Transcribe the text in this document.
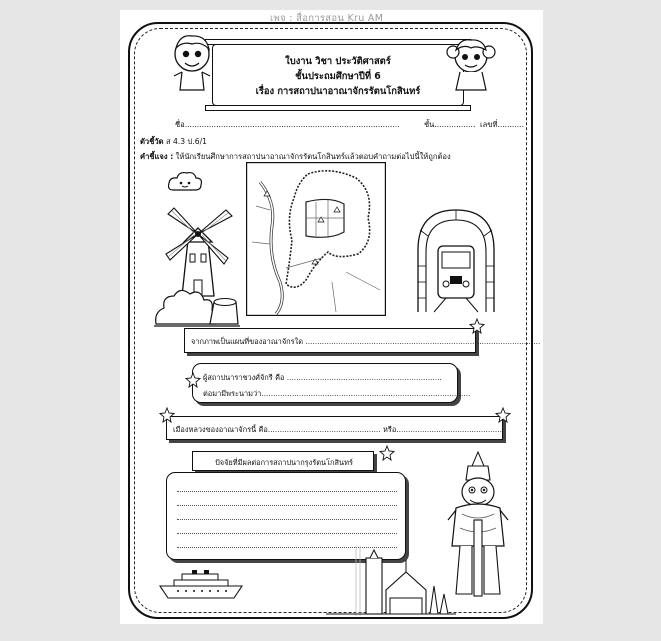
เพจ : สื่อการสอน Kru AM
ใบงาน วิชา ประวัติศาสตร์
ชั้นประถมศึกษาปีที่ 6
เรื่อง การสถาปนาอาณาจักรรัตนโกสินทร์
ชื่อ.........................................................................................	ชั้น................. เลขที่...........
ตัวชี้วัด ส 4.3 ป.6/1
คำชี้แจง : ให้นักเรียนศึกษาการสถาปนาอาณาจักรรัตนโกสินทร์แล้วตอบคำถามต่อไปนี้ให้ถูกต้อง
จากภาพเป็นแผนที่ของอาณาจักรใด ....................................................................................................
ผู้สถาปนาราชวงศ์จักรี คือ ..................................................................
ต่อมามีพระนามว่า.........................................................................................
เมืองหลวงของอาณาจักรนี้ คือ................................................ หรือ.............................................
ปัจจัยที่มีผลต่อการสถาปนากรุงรัตนโกสินทร์
